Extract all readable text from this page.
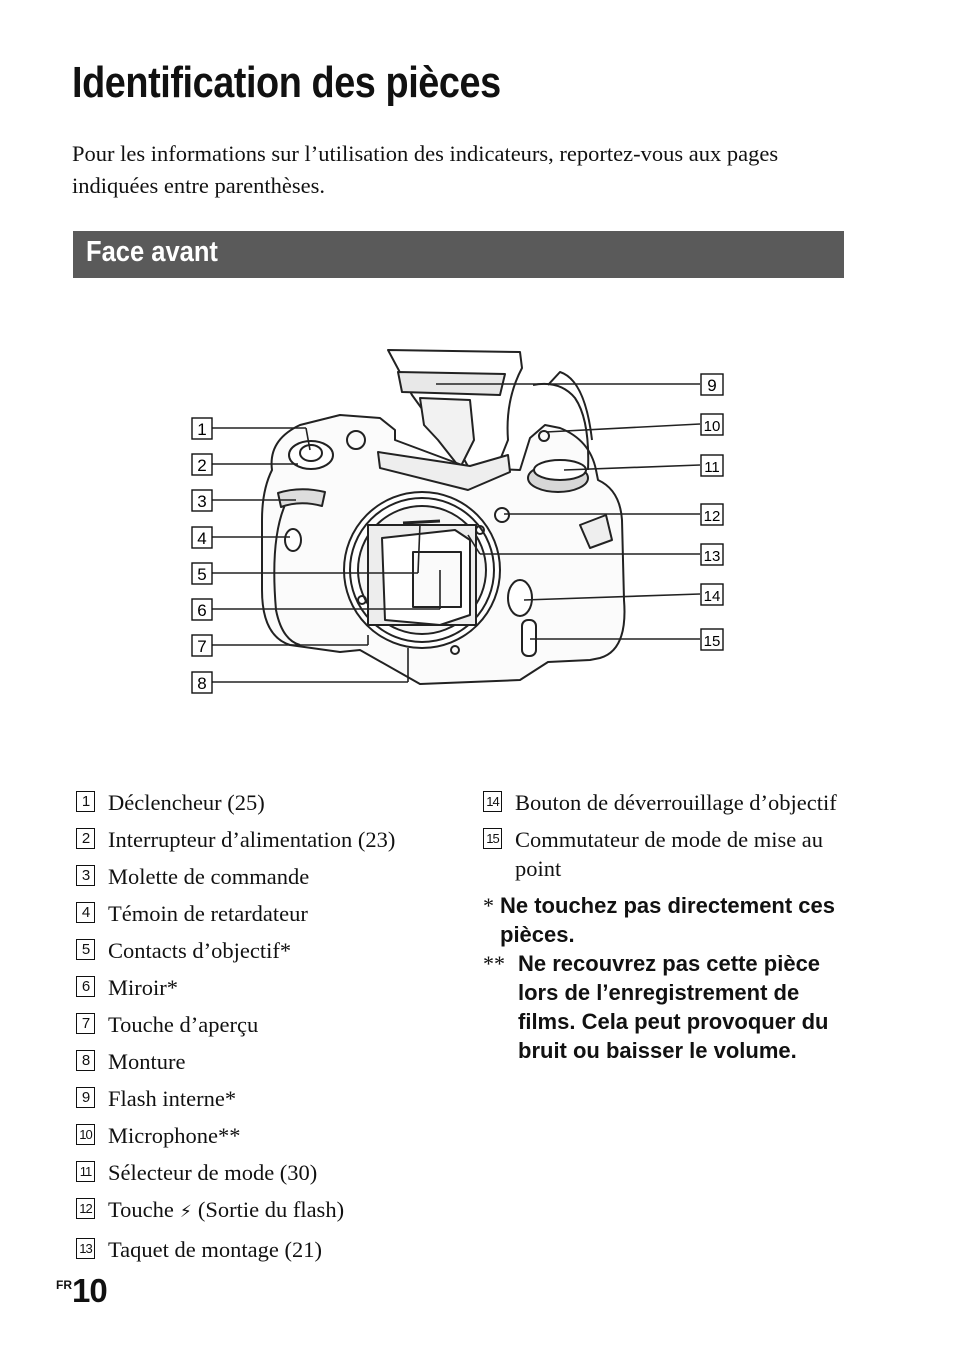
Identification des pièces

Pour les informations sur l’utilisation des indicateurs, reportez-vous aux pages indiquées entre parenthèses.

Face avant
1
2
3
4
5
6
7
8
9
10
11
12
13
14
15
1 Déclencheur (25)
2 Interrupteur d’alimentation (23)
3 Molette de commande
4 Témoin de retardateur
5 Contacts d’objectif*
6 Miroir*
7 Touche d’aperçu
8 Monture
9 Flash interne*
10 Microphone**
11 Sélecteur de mode (30)
12 Touche ⚡ (Sortie du flash)
13 Taquet de montage (21)
14 Bouton de déverrouillage d’objectif
15 Commutateur de mode de mise au point
* Ne touchez pas directement ces pièces.
** Ne recouvrez pas cette pièce lors de l’enregistrement de films. Cela peut provoquer du bruit ou baisser le volume.
$^{FR}$10
